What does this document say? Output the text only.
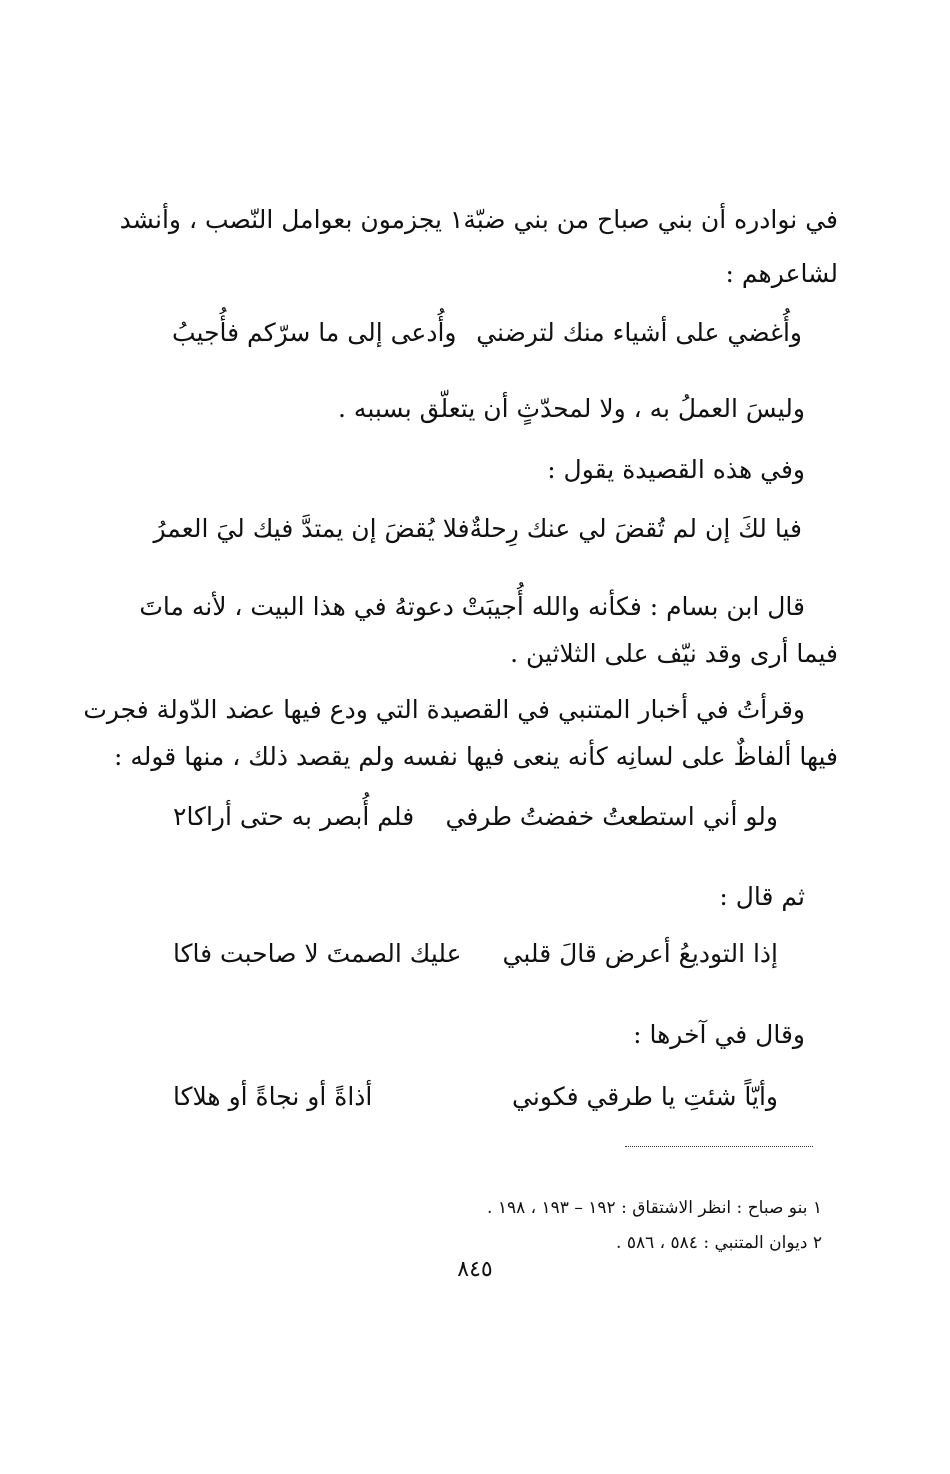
في نوادره أن بني صباح من بني ضبّة١ يجزمون بعوامل النّصب ، وأنشد

لشاعرهم :

وأُغضي على أشياء منك لترضني
وأُدعى إلى ما سرّكم فأُجيبُ

وليسَ العملُ به ، ولا لمحدّثٍ أن يتعلّق بسببه .

وفي هذه القصيدة يقول :

فيا لكَ إن لم تُقضَ لي عنك رِحلةٌ
فلا يُقضَ إن يمتدَّ فيك ليَ العمرُ

قال ابن بسام : فكأنه والله أُجيبَتْ دعوتهُ في هذا البيت ، لأنه ماتَ

فيما أرى وقد نيّف على الثلاثين .

وقرأتُ في أخبار المتنبي في القصيدة التي ودع فيها عضد الدّولة فجرت

فيها ألفاظٌ على لسانِه كأنه ينعى فيها نفسه ولم يقصد ذلك ، منها قوله :

ولو أني استطعتُ خفضتُ طرفي
فلم أُبصر به حتى أراكا٢

ثم قال :

إذا التوديعُ أعرض قالَ قلبي
عليك الصمتَ لا صاحبت فاكا

وقال في آخرها :

وأيّاً شئتِ يا طرقي فكوني
أذاةً أو نجاةً أو هلاكا

١ بنو صباح : انظر الاشتقاق : ١٩٢ – ١٩٣ ، ١٩٨ .

٢ ديوان المتنبي : ٥٨٤ ، ٥٨٦ .

٨٤٥
